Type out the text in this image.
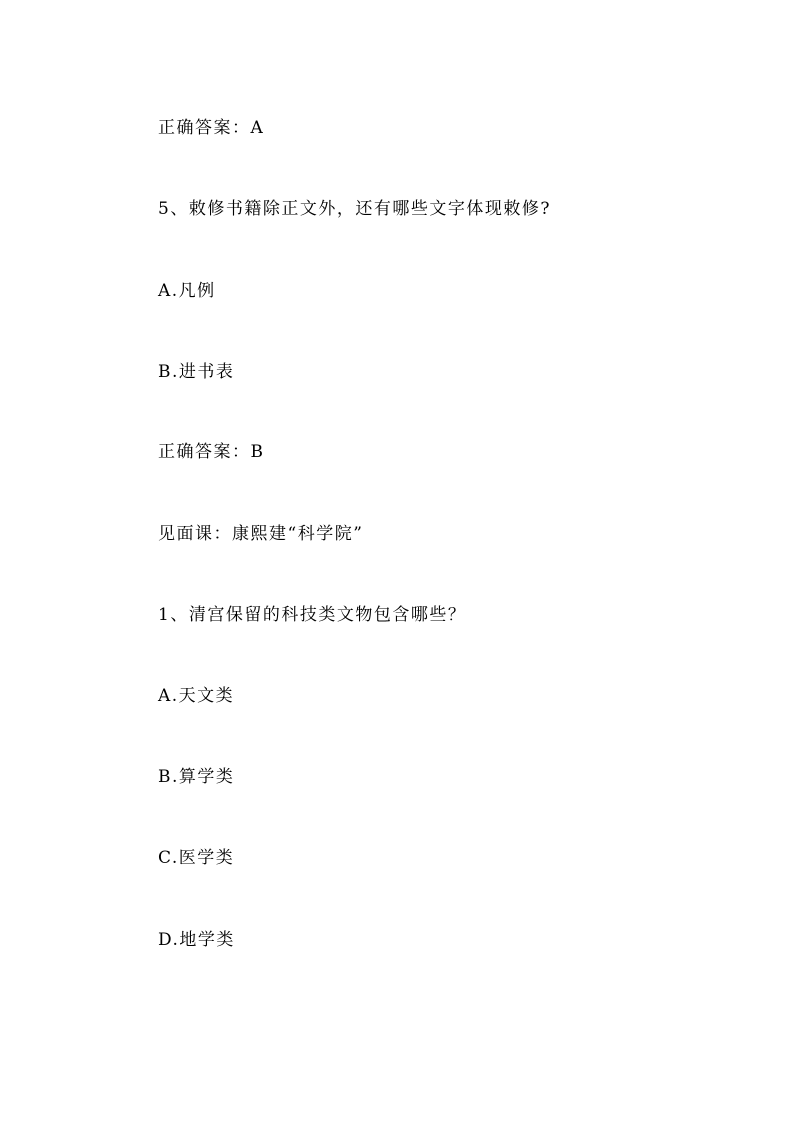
正确答案：A
5、敕修书籍除正文外，还有哪些文字体现敕修?
A.凡例
B.进书表
正确答案：B
见面课：康熙建“科学院”
1、清宫保留的科技类文物包含哪些？
A.天文类
B.算学类
C.医学类
D.地学类
